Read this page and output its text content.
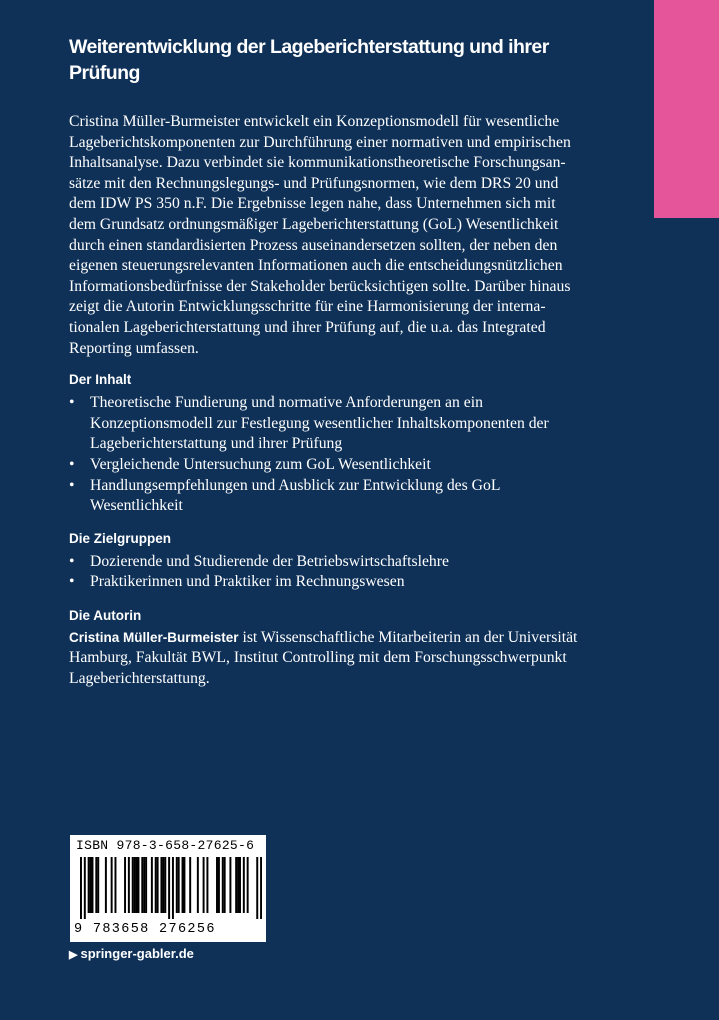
Weiterentwicklung der Lageberichterstattung und ihrer Prüfung
Cristina Müller-Burmeister entwickelt ein Konzeptionsmodell für wesentliche
Lageberichtskomponenten zur Durchführung einer normativen und empirischen
Inhaltsanalyse. Dazu verbindet sie kommunikationstheoretische Forschungsan-
sätze mit den Rechnungslegungs- und Prüfungsnormen, wie dem DRS 20 und
dem IDW PS 350 n.F. Die Ergebnisse legen nahe, dass Unternehmen sich mit
dem Grundsatz ordnungsmäßiger Lageberichterstattung (GoL) Wesentlichkeit
durch einen standardisierten Prozess auseinandersetzen sollten, der neben den
eigenen steuerungsrelevanten Informationen auch die entscheidungsnützlichen
Informationsbedürfnisse der Stakeholder berücksichtigen sollte. Darüber hinaus
zeigt die Autorin Entwicklungsschritte für eine Harmonisierung der interna-
tionalen Lageberichterstattung und ihrer Prüfung auf, die u.a. das Integrated
Reporting umfassen.
Der Inhalt
• Theoretische Fundierung und normative Anforderungen an ein
Konzeptionsmodell zur Festlegung wesentlicher Inhaltskomponenten der
Lageberichterstattung und ihrer Prüfung
• Vergleichende Untersuchung zum GoL Wesentlichkeit
• Handlungsempfehlungen und Ausblick zur Entwicklung des GoL
Wesentlichkeit
Die Zielgruppen
• Dozierende und Studierende der Betriebswirtschaftslehre
• Praktikerinnen und Praktiker im Rechnungswesen
Die Autorin
Cristina Müller-Burmeister ist Wissenschaftliche Mitarbeiterin an der Universität
Hamburg, Fakultät BWL, Institut Controlling mit dem Forschungsschwerpunkt
Lageberichterstattung.
ISBN 978-3-658-27625-6
9 783658 276256
▶ springer-gabler.de
